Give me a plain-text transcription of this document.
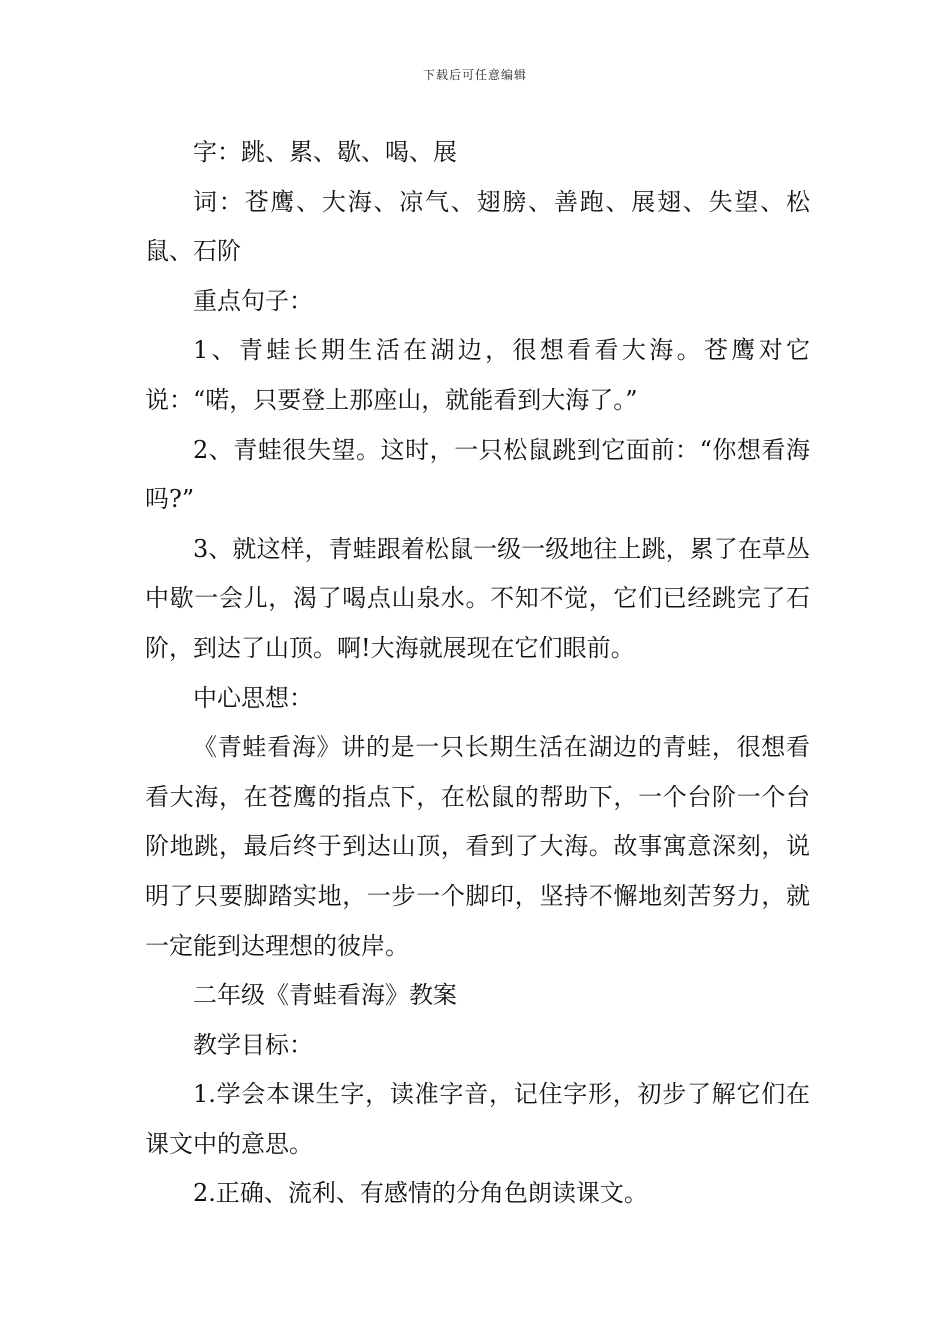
下载后可任意编辑

字：跳、累、歇、喝、展

词：苍鹰、大海、凉气、翅膀、善跑、展翅、失望、松鼠、石阶

重点句子：

1、青蛙长期生活在湖边，很想看看大海。苍鹰对它说：“喏，只要登上那座山，就能看到大海了。”

2、青蛙很失望。这时，一只松鼠跳到它面前：“你想看海吗?”

3、就这样，青蛙跟着松鼠一级一级地往上跳，累了在草丛中歇一会儿，渴了喝点山泉水。不知不觉，它们已经跳完了石阶，到达了山顶。啊!大海就展现在它们眼前。

中心思想：

《青蛙看海》讲的是一只长期生活在湖边的青蛙，很想看看大海，在苍鹰的指点下，在松鼠的帮助下，一个台阶一个台阶地跳，最后终于到达山顶，看到了大海。故事寓意深刻，说明了只要脚踏实地，一步一个脚印，坚持不懈地刻苦努力，就一定能到达理想的彼岸。

二年级《青蛙看海》教案

教学目标：

1.学会本课生字，读准字音，记住字形，初步了解它们在课文中的意思。

2.正确、流利、有感情的分角色朗读课文。
